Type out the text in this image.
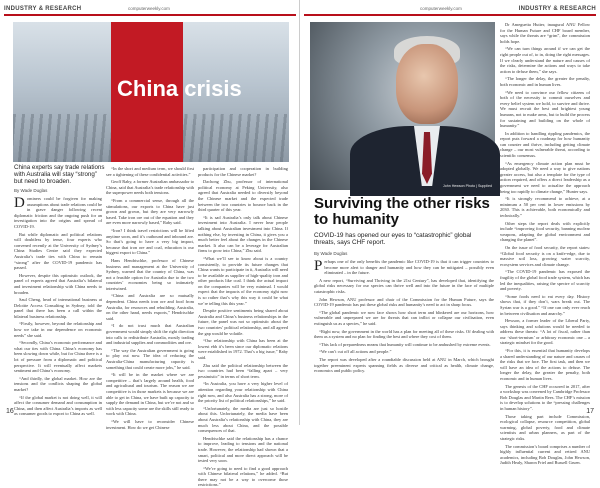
INDUSTRY & RESEARCH	computerweekly.com
China crisis
China experts say trade relations with Australia will stay “strong” but need to broaden.
By Wade Duglas

Dominers could be forgiven for making assumptions about trade relations could be in grave danger following recent diplomatic friction and the ongoing push for an investigation into the origins and spread of COVID-19.

But while diplomatic and political relations will doubtless by tense, four experts who convened recently at the University of Sydney’s China Studies Centre said they expected Australia’s trade ties with China to remain “strong” after the COVID-19 pandemic has passed.

However, despite this optimistic outlook, the panel of experts agreed that Australia’s bilateral and investment relationship with China needs to broaden.

Saul Cheng, head of international business at Deloitte Access Consulting in Sydney, told the panel that there has been a call within the bilateral business relationship.

“Firstly, however, beyond the relationship and how we take in our dependence on economic needs” she said.

“Secondly, China’s economic performance and what our ties with China. China’s economy has been slowing down while, but for China there is a lot of pressure from a diplomatic and political perspective. It will eventually affect markets sentiment and China’s economy.

“And thirdly, the global market. How are the tensions and the conflicts shaping the global market?

“If the global market is not doing well, it will affect the consumer demand and consumption in China, and then affect Australia’s imports as well as consumer goods to export to China as well.

“In the short and medium term, we should first see a tightening of these confidential activities.”

Geoff Raby, a former Australian ambassador to China, said that Australia’s trade relationship with the superpower needs both tensions.

“From a commercial sense, through all the stimulations, our exports to China have just grown and grown, but they are very narrowly based. Take iron ore out of the equation and they are even more narrowly based,” Raby said.

“Iron? I think travel restrictions will be lifted anytime soon, and it’s outbound and inbound are. So that’s going to have a very big impact, because that iron ore and coal, education is our biggest export to China.”

Hans Hendrischke, professor of Chinese business and management at the University of Sydney, warned that the country of China, was not a feasible option for Australia due to the two countries’ economies being so intimately intertwined.

“China and Australia are so mutually dependent. China needs iron ore and food from Australia, for resources and rebuilding. Australia, on the other hand, needs exports,” Hendrischke said.

“I do not trust much that Australian government would simply shift the right direction into calls to redistribute Australia, mostly trading and industrial supplies and commodities and ore.

“The way the Australian government is going to play out now. The idea of reducing the Australia-China manufacturing capacity is something that could create more jobs,” he said.

“It will be in the market where we are competitive – that’s largely around health, food and agricultural and tourism. The reason we are competitive is in those markets is because we are able to get in China, we have built up capacity to supply the demand in China, but we’re not and so with less capacity some are the skills still ready to work with China.

“We will have to reconsider Chinese investment. How do we get Chinese

participation and cooperation in building products for the Chinese market?

Dachong Zhu, professor of international political economy at Peking University, also agreed that Australia needed to diversify beyond the Chinese market and the expected trade between the two countries to bounce back in the third quarter of this year.

“It is sad Australia’s only talk about Chinese investment into Australia. I never hear people talking about Australian investment into China. If nothing else, by investing in China, it gives you a much better feel about the changes in the Chinese market. It also can be a leverage for Australian firms to grow into China,” Zhu said.

“What we’ll see to know about is a country consistently, to provide its future changes that China wants to participate in it, Australia will need to be available as supplier of high-quality iron and other products like coal. I think the actual impact on the companies will be very minimal. I would expect that the impacts of the economy right now is so rather that’s why this way it could be what we’re telling this this year.”

Despite positive sentiments being shared about Australia and China’s business relationships in the future, the panel was not so optimistic about the two countries’ political relationship, and all agreed the gap would be volatile.

“Our relationship with China has been at the lowest ebb it’s been since our diplomatic relations were established in 1972. That’s a big issue,” Raby said.

Zhu said the political relationship between the two countries had been “falling apart – very pessimistic” in terms of short term.

“In Australia, you have a very higher level of attention regarding your relationship with China right now, and also Australia has a strong, more of the priority list of political relationships,” he said.

“Unfortunately, the media are just so hostile about this. Unfortunately, the media have been about Australia’s relationship with China, they are much less about China, and the possible consequences of that.

Hendrischke said the relationship has a chance to improve, leading to tensions and the national trade. However, the relationship had shown that a smart, political and more direct approach will be tested very soon.

“We’re going to need to find a good approach with Chinese bilateral relations,” he added. “But there may not be a way to overcome those restrictions.”

16
computerweekly.com	INDUSTRY & RESEARCH
John Hewson Photo | Supplied
Surviving the other risks to humanity
COVID-19 has opened our eyes to “catastrophic” global threats, says CHF report.
By Wade Duglas

Perhaps one of the only benefits the pandemic like COVID-19 is that it can trigger countries to become more alert to danger and humanity and how they can be mitigated – possibly even eliminated – in the future.

A new report, “Surviving and Thriving in the 21st Century”, has developed that, identifying the global risks necessary for our species can thrive well and into the future in the face of multiple catastrophic risks.

John Hewson, ANU professor and chair of the Commission for the Human Future, says the COVID-19 pandemic has put these global risks and humanity’s need to act in sharp focus.

“The global pandemic we now face shows how short term and blinkered are our horizons, how vulnerable and unprepared we are for threats that can inflict or collapse our civilisation, even extinguish us as a species,” he said.

“Right now, the government in the world has a plan for meeting all of these risks. Of dealing with them as a system and no plan for finding the best and where they cost of them.

“This lack of preparedness means that humanity will continue to be ambushed by extreme events.

“We can’t cut off all actions and people.”

The report was developed after a roundtable discussion held at ANU in March, which brought together preeminent experts spanning fields as diverse and critical as health, climate change, economics and public policy.

Dr Ameguetta Hutter, inaugural ANU Fellow for the Human Future and CHF board member, says while the threats are “grim”, the commission holds hope.

“We can turn things around if we can get the right people out of, to in, doing the right messages. If we clearly understand the nature and causes of the risks, determine the actions and ways to take action to defuse them,” she says.

“The longer the delay, the greater the penalty, both economic and in human lives.

“We need to convince our fellow citizens of both of the necessity to commit ourselves and every belief system we hold, to survive and thrive. We must recruit the best and brightest young humans, not to make arms, but to build the process for sustaining and building on the whole of humanity.”

In addition to handling rippling pandemics, the report puts forward a roadmap for how humanity can counter and thrive, including getting climate change – our most vulnerable threat, according to scientific consensus.

“As emergency climate action plan must be adopted globally. We need a way to give nations greater access, but also a template for the type of action required, and offers a direct leadership as a government we need to actualise the approach being too rapidly to climate change,” Hunter says.

“It is strongly recommend to achieve, at a minimum a 50 per cent in lower emissions by 2030. This is achievable, both economically and technically.”

Other steps the report deals with explicitly include “improving food security, banning nuclear weapons, adapting the global environment and changing the planet”.

On the issue of food security, the report states: “Global food security is on a knife-edge, due to massive soil loss, growing water scarcity, ecosystem services and climate change.

“The COVID-19 pandemic has exposed the fragility of the global food trade system, which has led the inequalities, raising the spectre of scarcity and poverty.

“Some foods need to eat every day. History shows that, if they don’t, wars break out. The Syrian war is a good.” “If one can only ever reach in between civilisation and anarchy.”

Hewson, a former leader of the Liberal Party, says thinking and solutions would be needed to address these threats: “A lot of fiscal, rather than our ‘short-termism’ or arbitrary economic one – a strategic mindset for the good.

“For this, it is essential that humanity develops a shared understanding of our nature and causes of the risks that we face. The first task, and then we will have an idea of the actions to defuse. The longer the delay, the greater the penalty, both economic and in human lives.

The genesis of the CHF occurred in 2017, after a workshop was convened by Cambridge Professor Bob Douglas and Martin Rees. The CHF’s mission is to develop solutions to the “pressing challenges in human history”.

Those taking part include Commission, ecological collapse, resource competition, global warming, global poverty, food and climate scientists and urban planners, as part of the strategic risks.

The commission’s board comprises a number of highly influential current and retired ANU academics, including Bob Douglas, John Hewson, Judith Healy, Sharon Friel and Russell Gruen.

17
